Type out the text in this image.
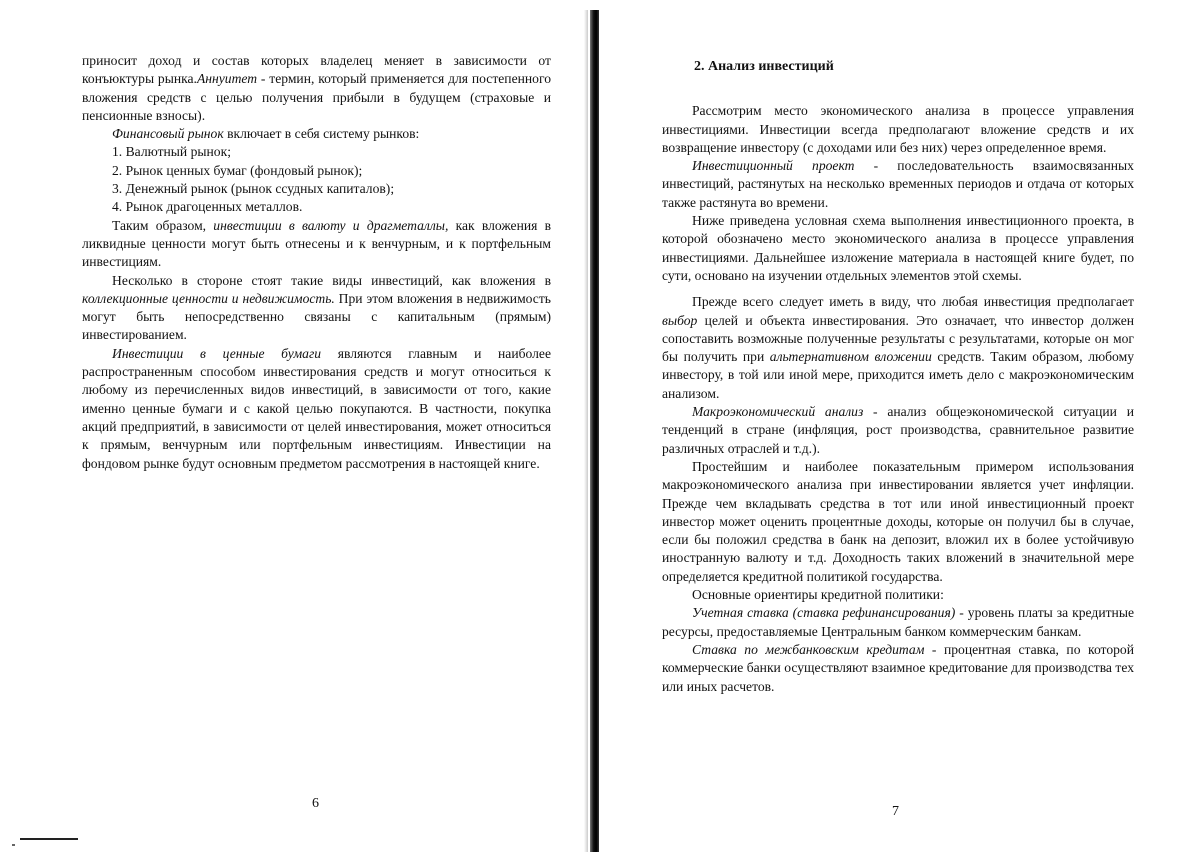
приносит доход и состав которых владелец меняет в зависимости от конъюктуры рынка.Аннуитет - термин, который применяется для постепенного вложения средств с целью получения прибыли в будущем (страховые и пенсионные взносы).

Финансовый рынок включает в себя систему рынков:

1. Валютный рынок;

2. Рынок ценных бумаг (фондовый рынок);

3. Денежный рынок (рынок ссудных капиталов);

4. Рынок драгоценных металлов.

Таким образом, инвестиции в валюту и драгметаллы, как вложения в ликвидные ценности могут быть отнесены и к венчурным, и к портфельным инвестициям.

Несколько в стороне стоят такие виды инвестиций, как вложения в коллекционные ценности и недвижимость. При этом вложения в недвижимость могут быть непосредственно связаны с капитальным (прямым) инвестированием.

Инвестиции в ценные бумаги являются главным и наиболее распространенным способом инвестирования средств и могут относиться к любому из перечисленных видов инвестиций, в зависимости от того, какие именно ценные бумаги и с какой целью покупаются. В частности, покупка акций предприятий, в зависимости от целей инвестирования, может относиться к прямым, венчурным или портфельным инвестициям. Инвестиции на фондовом рынке будут основным предметом рассмотрения в настоящей книге.

6
7
2. Анализ инвестиций

Рассмотрим место экономического анализа в процессе управления инвестициями. Инвестиции всегда предполагают вложение средств и их возвращение инвестору (с доходами или без них) через определенное время.

Инвестиционный проект - последовательность взаимосвязанных инвестиций, растянутых на несколько временных периодов и отдача от которых также растянута во времени.

Ниже приведена условная схема выполнения инвестиционного проекта, в которой обозначено место экономического анализа в процессе управления инвестициями. Дальнейшее изложение материала в настоящей книге будет, по сути, основано на изучении отдельных элементов этой схемы.

Прежде всего следует иметь в виду, что любая инвестиция предполагает выбор целей и объекта инвестирования. Это означает, что инвестор должен сопоставить возможные полученные результаты с результатами, которые он мог бы получить при альтернативном вложении средств. Таким образом, любому инвестору, в той или иной мере, приходится иметь дело с макроэкономическим анализом.

Макроэкономический анализ - анализ общеэкономической ситуации и тенденций в стране (инфляция, рост производства, сравнительное развитие различных отраслей и т.д.).

Простейшим и наиболее показательным примером использования макроэкономического анализа при инвестировании является учет инфляции. Прежде чем вкладывать средства в тот или иной инвестиционный проект инвестор может оценить процентные доходы, которые он получил бы в случае, если бы положил средства в банк на депозит, вложил их в более устойчивую иностранную валюту и т.д. Доходность таких вложений в значительной мере определяется кредитной политикой государства.

Основные ориентиры кредитной политики:

Учетная ставка (ставка рефинансирования) - уровень платы за кредитные ресурсы, предоставляемые Центральным банком коммерческим банкам.

Ставка по межбанковским кредитам - процентная ставка, по которой коммерческие банки осуществляют взаимное кредитование для производства тех или иных расчетов.
